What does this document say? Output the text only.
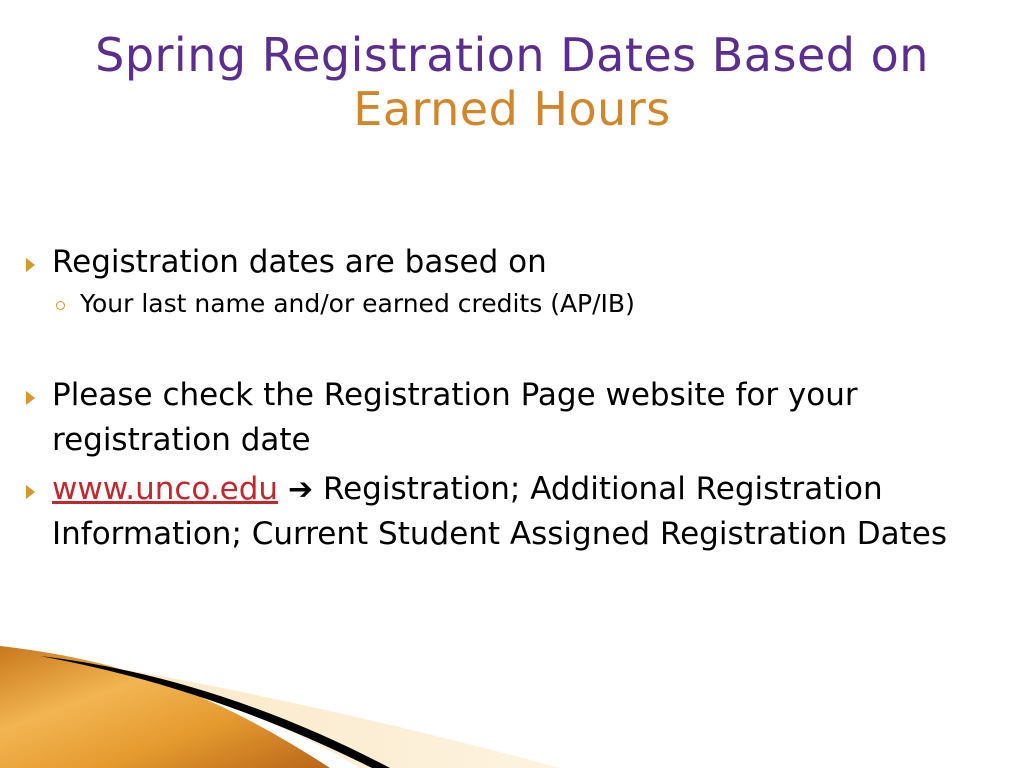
Spring Registration Dates Based on
Earned Hours
Registration dates are based on
Your last name and/or earned credits (AP/IB)
Please check the Registration Page website for your registration date
www.unco.edu ➔ Registration; Additional Registration Information; Current Student Assigned Registration Dates
